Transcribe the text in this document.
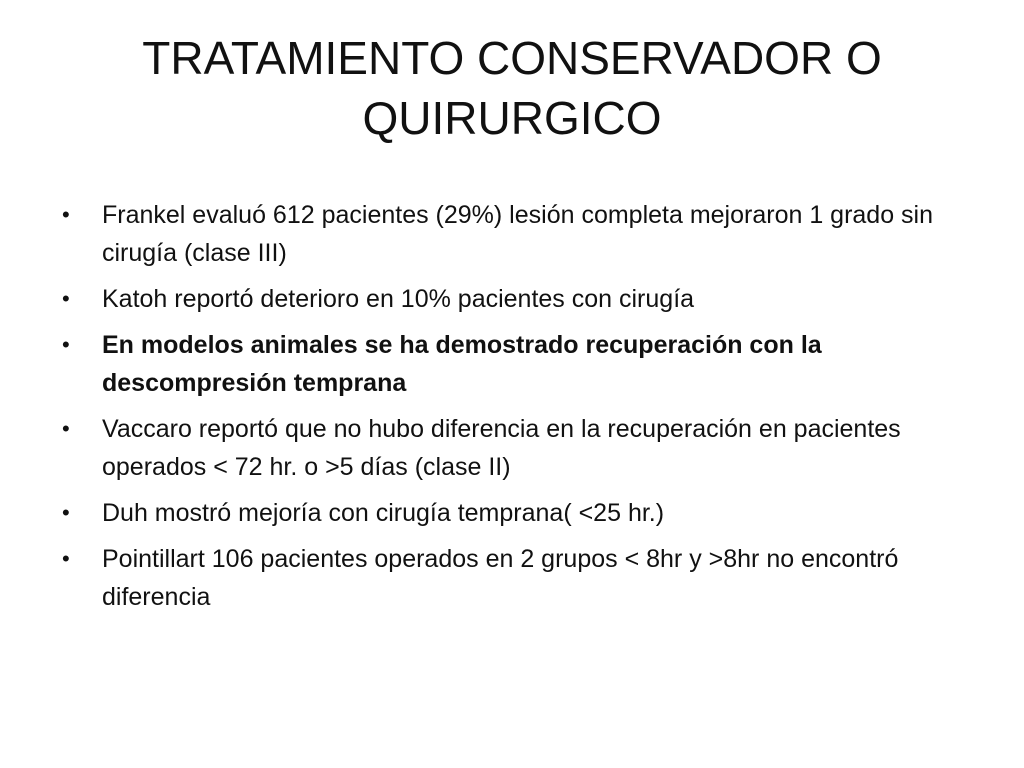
TRATAMIENTO CONSERVADOR O QUIRURGICO
• Frankel evaluó 612 pacientes (29%) lesión completa mejoraron 1 grado sin cirugía (clase III)
• Katoh reportó deterioro en 10% pacientes con cirugía
• En modelos animales se ha demostrado recuperación con la descompresión temprana
• Vaccaro reportó que no hubo diferencia en la recuperación en pacientes operados < 72 hr. o >5 días (clase II)
• Duh mostró mejoría con cirugía temprana( <25 hr.)
• Pointillart 106 pacientes operados en 2 grupos < 8hr y >8hr no encontró diferencia
